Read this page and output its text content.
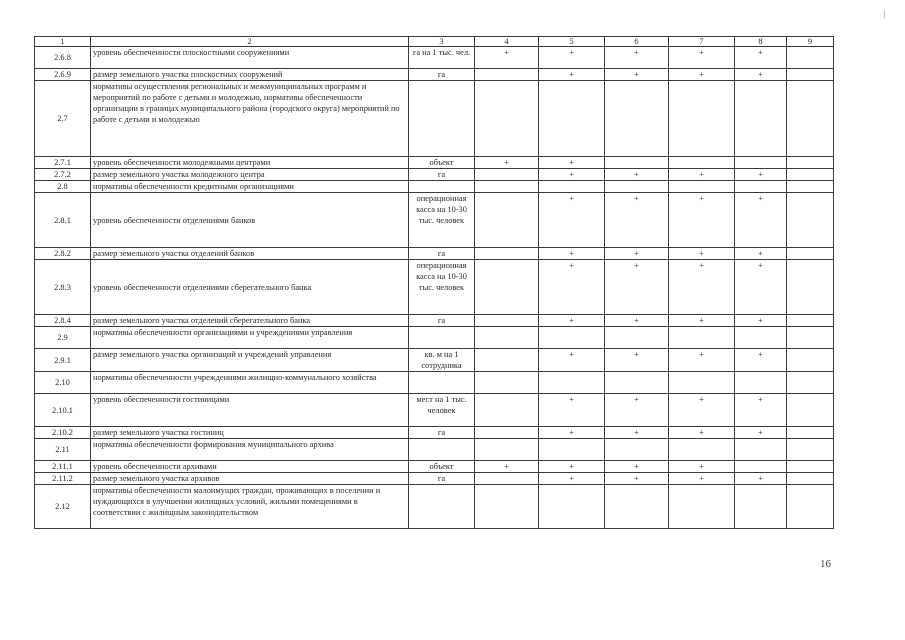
1	2	3	4	5	6	7	8	9
2.6.8	уровень обеспеченности плоскостными сооружениями	га на 1 тыс. чел.	+	+	+	+	+	
2.6.9	размер земельного участка плоскостных сооружений	га		+	+	+	+	
2.7	нормативы осуществления региональных и межмуниципальных программ и мероприятий по работе с детьми и молодежью, нормативы обеспеченности организации в границах муниципального района (городского округа) мероприятий по работе с детьми и молодежью							
2.7.1	уровень обеспеченности молодежными центрами	объект	+	+				
2.7.2	размер земельного участка молодежного центра	га		+	+	+	+	
2.8	нормативы обеспеченности кредитными организациями							
2.8.1	уровень обеспеченности отделениями банков	операционная касса на 10-30 тыс. человек		+	+	+	+	
2.8.2	размер земельного участка отделений банков	га		+	+	+	+	
2.8.3	уровень обеспеченности отделениями сберегательного банка	операционная касса на 10-30 тыс. человек		+	+	+	+	
2.8.4	размер земельного участка отделений сберегательного банка	га		+	+	+	+	
2.9	нормативы обеспеченности организациями и учреждениями управления							
2.9.1	размер земельного участка организаций и учреждений управления	кв. м на 1 сотрудника		+	+	+	+	
2.10	нормативы обеспеченности учреждениями жилищно-коммунального хозяйства							
2.10.1	уровень обеспеченности гостиницами	мест на 1 тыс. человек		+	+	+	+	
2.10.2	размер земельного участка гостиниц	га		+	+	+	+	
2.11	нормативы обеспеченности формирования муниципального архива							
2.11.1	уровень обеспеченности архивами	объект	+	+	+	+		
2.11.2	размер земельного участка архивов	га		+	+	+	+	
2.12	нормативы обеспеченности малоимущих граждан, проживающих в поселении и нуждающихся в улучшении жилищных условий, жилыми помещениями в соответствии с жилищным законодательством							
16
